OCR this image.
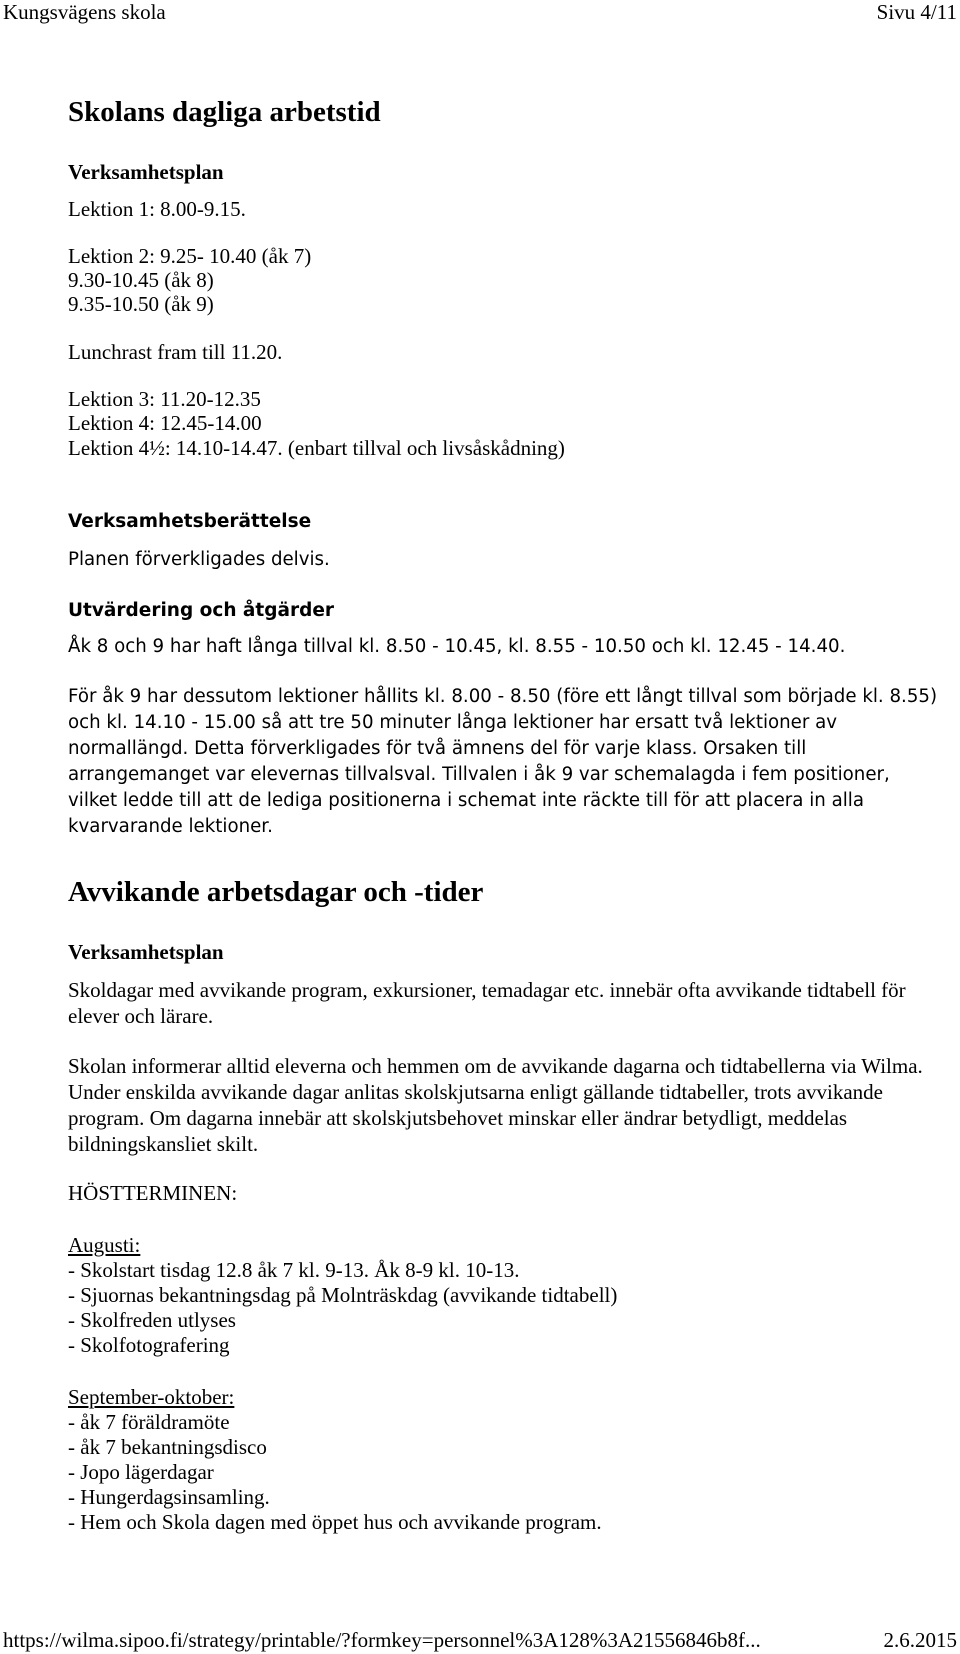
Kungsvägens skola	Sivu 4/11
Skolans dagliga arbetstid
Verksamhetsplan
Lektion 1: 8.00-9.15.
Lektion 2: 9.25- 10.40 (åk 7)
9.30-10.45 (åk 8)
9.35-10.50 (åk 9)
Lunchrast fram till 11.20.
Lektion 3: 11.20-12.35
Lektion 4: 12.45-14.00
Lektion 4½: 14.10-14.47. (enbart tillval och livsåskådning)
Verksamhetsberättelse
Planen förverkligades delvis.
Utvärdering och åtgärder
Åk 8 och 9 har haft långa tillval kl. 8.50 - 10.45, kl. 8.55 - 10.50 och kl. 12.45 - 14.40.
För åk 9 har dessutom lektioner hållits kl. 8.00 - 8.50 (före ett långt tillval som började kl. 8.55) och kl. 14.10 - 15.00 så att tre 50 minuter långa lektioner har ersatt två lektioner av normallängd. Detta förverkligades för två ämnens del för varje klass. Orsaken till arrangemanget var elevernas tillvalsval. Tillvalen i åk 9 var schemalagda i fem positioner, vilket ledde till att de lediga positionerna i schemat inte räckte till för att placera in alla kvarvarande lektioner.
Avvikande arbetsdagar och -tider
Verksamhetsplan
Skoldagar med avvikande program, exkursioner, temadagar etc. innebär ofta avvikande tidtabell för elever och lärare.
Skolan informerar alltid eleverna och hemmen om de avvikande dagarna och tidtabellerna via Wilma. Under enskilda avvikande dagar anlitas skolskjutsarna enligt gällande tidtabeller, trots avvikande program. Om dagarna innebär att skolskjutsbehovet minskar eller ändrar betydligt, meddelas bildningskansliet skilt.
HÖSTTERMINEN:
Augusti:
- Skolstart tisdag 12.8 åk 7 kl. 9-13. Åk 8-9 kl. 10-13.
- Sjuornas bekantningsdag på Molnträskdag (avvikande tidtabell)
- Skolfreden utlyses
- Skolfotografering
September-oktober:
- åk 7 föräldramöte
- åk 7 bekantningsdisco
- Jopo lägerdagar
- Hungerdagsinsamling.
- Hem och Skola dagen med öppet hus och avvikande program.
https://wilma.sipoo.fi/strategy/printable/?formkey=personnel%3A128%3A21556846b8f...	2.6.2015
